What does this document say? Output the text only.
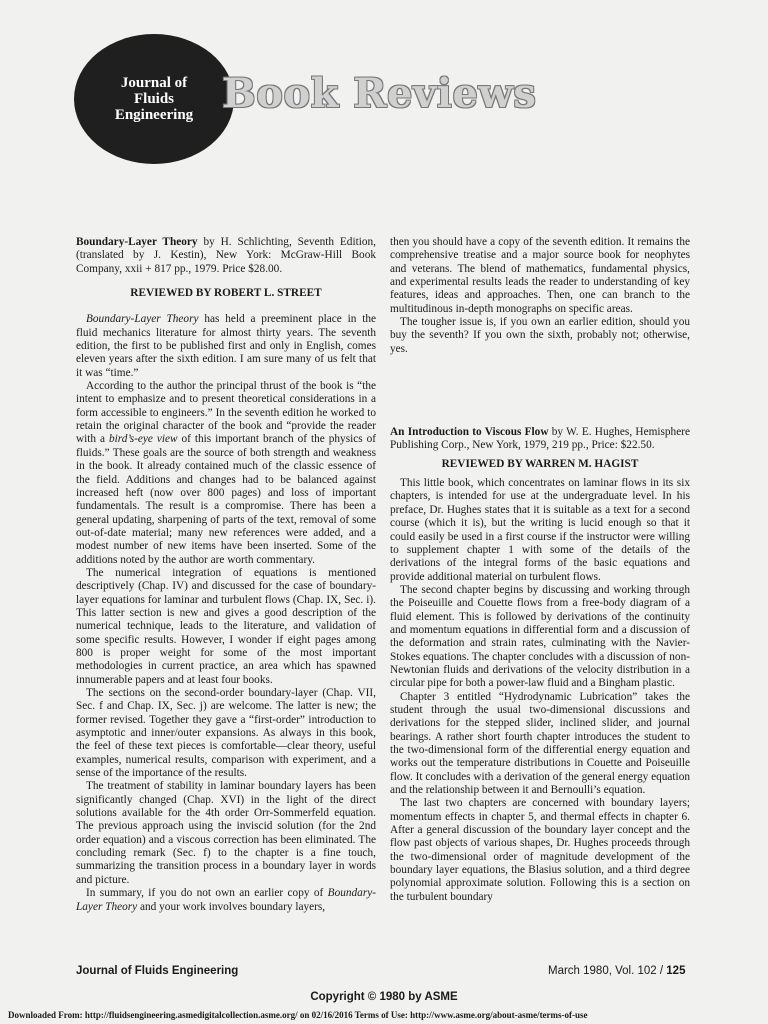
Journal of
Fluids
Engineering Book Reviews

Boundary-Layer Theory by H. Schlichting, Seventh Edition, (translated by J. Kestin), New York: McGraw-Hill Book Company, xxii + 817 pp., 1979. Price $28.00.

REVIEWED BY ROBERT L. STREET

Boundary-Layer Theory has held a preeminent place in the fluid mechanics literature for almost thirty years. The seventh edition, the first to be published first and only in English, comes eleven years after the sixth edition. I am sure many of us felt that it was “time.”

According to the author the principal thrust of the book is “the intent to emphasize and to present theoretical considerations in a form accessible to engineers.” In the seventh edition he worked to retain the original character of the book and “provide the reader with a bird’s-eye view of this important branch of the physics of fluids.” These goals are the source of both strength and weakness in the book. It already contained much of the classic essence of the field. Additions and changes had to be balanced against increased heft (now over 800 pages) and loss of important fundamentals. The result is a compromise. There has been a general updating, sharpening of parts of the text, removal of some out-of-date material; many new references were added, and a modest number of new items have been inserted. Some of the additions noted by the author are worth commentary.

The numerical integration of equations is mentioned descriptively (Chap. IV) and discussed for the case of boundary-layer equations for laminar and turbulent flows (Chap. IX, Sec. i). This latter section is new and gives a good description of the numerical technique, leads to the literature, and validation of some specific results. However, I wonder if eight pages among 800 is proper weight for some of the most important methodologies in current practice, an area which has spawned innumerable papers and at least four books.

The sections on the second-order boundary-layer (Chap. VII, Sec. f and Chap. IX, Sec. j) are welcome. The latter is new; the former revised. Together they gave a “first-order” introduction to asymptotic and inner/outer expansions. As always in this book, the feel of these text pieces is comfortable—clear theory, useful examples, numerical results, comparison with experiment, and a sense of the importance of the results.

The treatment of stability in laminar boundary layers has been significantly changed (Chap. XVI) in the light of the direct solutions available for the 4th order Orr-Sommerfeld equation. The previous approach using the inviscid solution (for the 2nd order equation) and a viscous correction has been eliminated. The concluding remark (Sec. f) to the chapter is a fine touch, summarizing the transition process in a boundary layer in words and picture.

In summary, if you do not own an earlier copy of Boundary-Layer Theory and your work involves boundary layers,

then you should have a copy of the seventh edition. It remains the comprehensive treatise and a major source book for neophytes and veterans. The blend of mathematics, fundamental physics, and experimental results leads the reader to understanding of key features, ideas and approaches. Then, one can branch to the multitudinous in-depth monographs on specific areas.

The tougher issue is, if you own an earlier edition, should you buy the seventh? If you own the sixth, probably not; otherwise, yes.

An Introduction to Viscous Flow by W. E. Hughes, Hemisphere Publishing Corp., New York, 1979, 219 pp., Price: $22.50.

REVIEWED BY WARREN M. HAGIST

This little book, which concentrates on laminar flows in its six chapters, is intended for use at the undergraduate level. In his preface, Dr. Hughes states that it is suitable as a text for a second course (which it is), but the writing is lucid enough so that it could easily be used in a first course if the instructor were willing to supplement chapter 1 with some of the details of the derivations of the integral forms of the basic equations and provide additional material on turbulent flows.

The second chapter begins by discussing and working through the Poiseuille and Couette flows from a free-body diagram of a fluid element. This is followed by derivations of the continuity and momentum equations in differential form and a discussion of the deformation and strain rates, culminating with the Navier-Stokes equations. The chapter concludes with a discussion of non-Newtonian fluids and derivations of the velocity distribution in a circular pipe for both a power-law fluid and a Bingham plastic.

Chapter 3 entitled “Hydrodynamic Lubrication” takes the student through the usual two-dimensional discussions and derivations for the stepped slider, inclined slider, and journal bearings. A rather short fourth chapter introduces the student to the two-dimensional form of the differential energy equation and works out the temperature distributions in Couette and Poiseuille flow. It concludes with a derivation of the general energy equation and the relationship between it and Bernoulli’s equation.

The last two chapters are concerned with boundary layers; momentum effects in chapter 5, and thermal effects in chapter 6. After a general discussion of the boundary layer concept and the flow past objects of various shapes, Dr. Hughes proceeds through the two-dimensional order of magnitude development of the boundary layer equations, the Blasius solution, and a third degree polynomial approximate solution. Following this is a section on the turbulent boundary

Journal of Fluids Engineering	March 1980, Vol. 102 / 125
Copyright © 1980 by ASME
Downloaded From: http://fluidsengineering.asmedigitalcollection.asme.org/ on 02/16/2016 Terms of Use: http://www.asme.org/about-asme/terms-of-use
